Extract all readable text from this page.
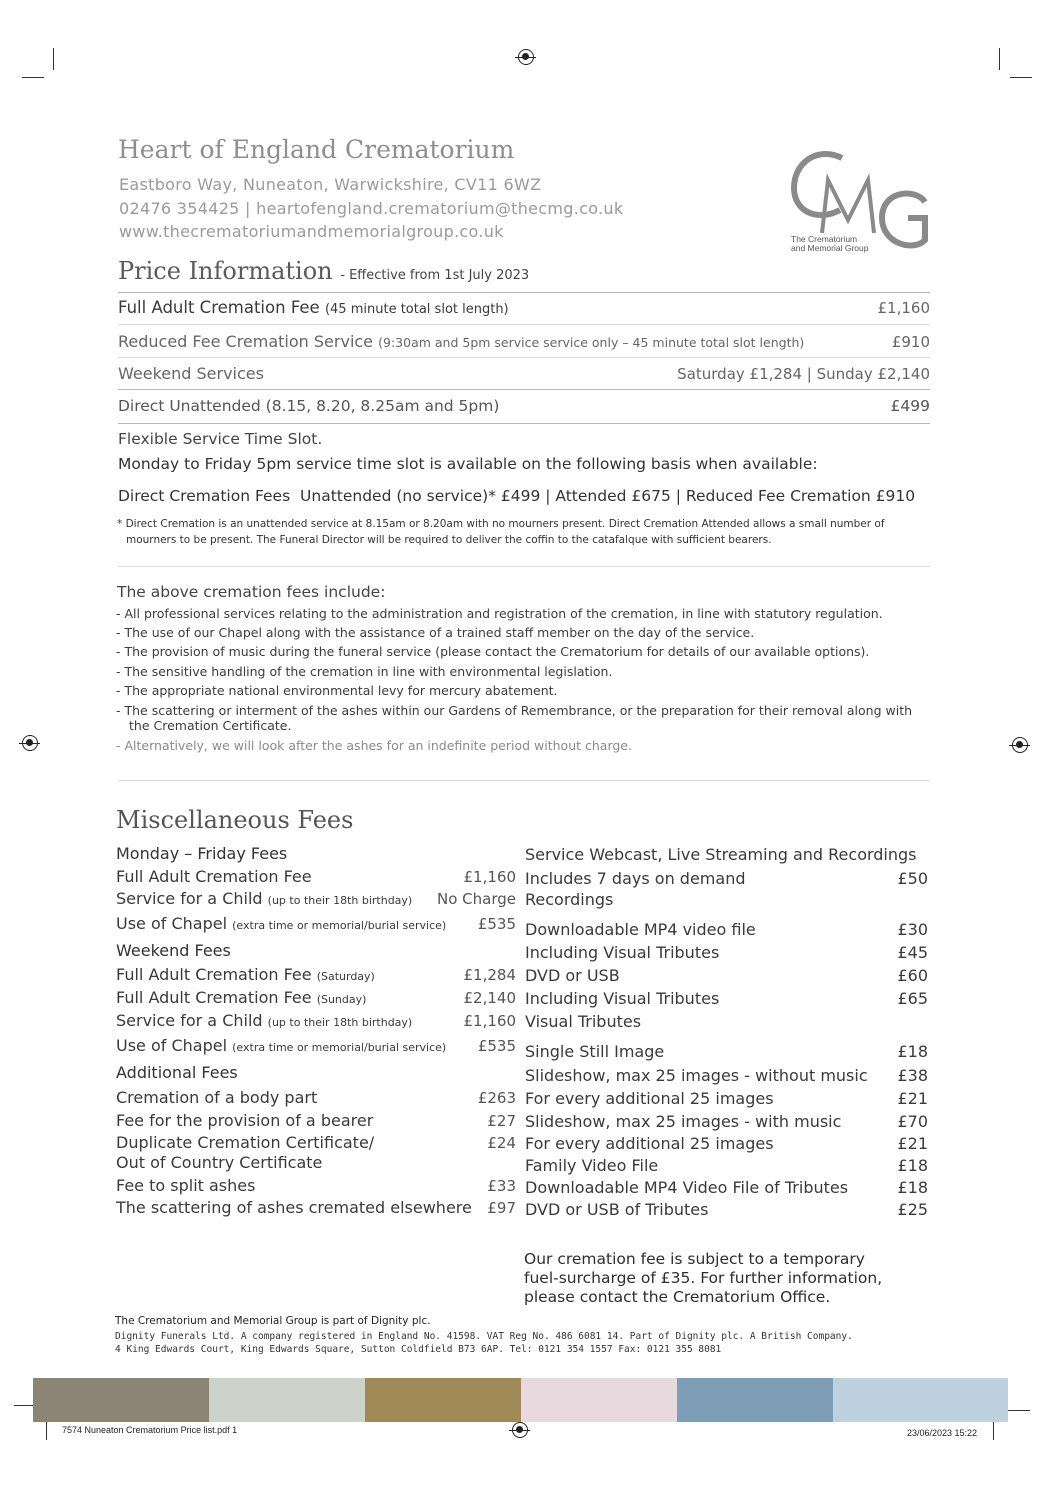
Heart of England Crematorium
Eastboro Way, Nuneaton, Warwickshire, CV11 6WZ
02476 354425 | heartofengland.crematorium@thecmg.co.uk
www.thecrematoriumandmemorialgroup.co.uk	The Crematorium
and Memorial Group
Price Information - Effective from 1st July 2023
Full Adult Cremation Fee (45 minute total slot length)	£1,160
Reduced Fee Cremation Service (9:30am and 5pm service service only – 45 minute total slot length)	£910
Weekend Services	Saturday £1,284 | Sunday £2,140
Direct Unattended (8.15, 8.20, 8.25am and 5pm)	£499
Flexible Service Time Slot.
Monday to Friday 5pm service time slot is available on the following basis when available:
Direct Cremation Fees Unattended (no service)* £499 | Attended £675 | Reduced Fee Cremation £910
* Direct Cremation is an unattended service at 8.15am or 8.20am with no mourners present. Direct Cremation Attended allows a small number of
mourners to be present. The Funeral Director will be required to deliver the coffin to the catafalque with sufficient bearers.
The above cremation fees include:
- All professional services relating to the administration and registration of the cremation, in line with statutory regulation.
- The use of our Chapel along with the assistance of a trained staff member on the day of the service.
- The provision of music during the funeral service (please contact the Crematorium for details of our available options).
- The sensitive handling of the cremation in line with environmental legislation.
- The appropriate national environmental levy for mercury abatement.
- The scattering or interment of the ashes within our Gardens of Remembrance, or the preparation for their removal along with
the Cremation Certificate.
- Alternatively, we will look after the ashes for an indefinite period without charge.
Miscellaneous Fees
Monday – Friday Fees
Full Adult Cremation Fee	£1,160
Service for a Child (up to their 18th birthday) No Charge
Use of Chapel (extra time or memorial/burial service) £535
Weekend Fees
Full Adult Cremation Fee (Saturday)	£1,284
Full Adult Cremation Fee (Sunday)	£2,140
Service for a Child (up to their 18th birthday)	£1,160
Use of Chapel (extra time or memorial/burial service) £535
Additional Fees
Cremation of a body part	£263
Fee for the provision of a bearer	£27
Duplicate Cremation Certificate/	£24
Out of Country Certificate
Fee to split ashes	£33
The scattering of ashes cremated elsewhere £97
Service Webcast, Live Streaming and Recordings
Includes 7 days on demand	£50
Recordings
Downloadable MP4 video file	£30
Including Visual Tributes	£45
DVD or USB	£60
Including Visual Tributes	£65
Visual Tributes
Single Still Image	£18
Slideshow, max 25 images - without music £38
For every additional 25 images	£21
Slideshow, max 25 images - with music	£70
For every additional 25 images	£21
Family Video File	£18
Downloadable MP4 Video File of Tributes	£18
DVD or USB of Tributes	£25
Our cremation fee is subject to a temporary
fuel-surcharge of £35. For further information,
please contact the Crematorium Office.
The Crematorium and Memorial Group is part of Dignity plc.
Dignity Funerals Ltd. A company registered in England No. 41598. VAT Reg No. 486 6081 14. Part of Dignity plc. A British Company.
4 King Edwards Court, King Edwards Square, Sutton Coldfield B73 6AP. Tel: 0121 354 1557 Fax: 0121 355 8081
7574 Nuneaton Crematorium Price list.pdf 1	23/06/2023 15:22
